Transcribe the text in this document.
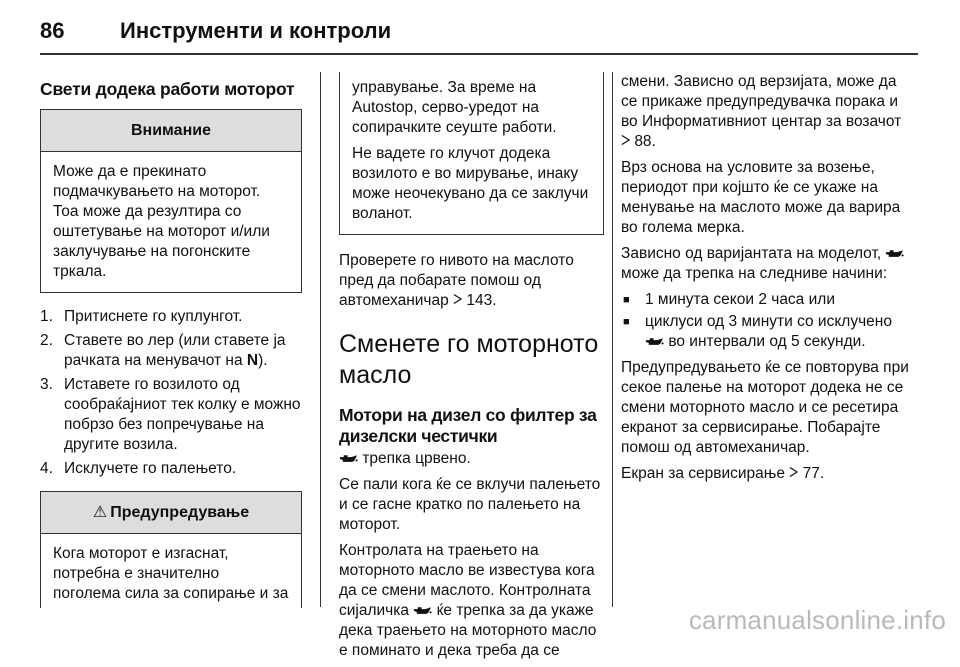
86	Инструменти и контроли
Свети додека работи моторот
Внимание

Може да е прекинато подмачкувањето на моторот. Тоа може да резултира со оштетување на моторот и/или заклучување на погонските тркала.

1. Притиснете го куплунгот.
2. Ставете во лер (или ставете ја рачката на менувачот на N).
3. Иставете го возилото од сообраќајниот тек колку е можно побрзо без попречување на другите возила.
4. Исклучете го палењето.
⚠ Предупредување

Кога моторот е изгаснат, потребна е значително поголема сила за сопирање и за

управување. За време на Autostop, серво-уредот на сопирачките сеуште работи.

Не вадете го клучот додека возилото е во мирување, инаку може неочекувано да се заклучи воланот.

Проверете го нивото на маслото пред да побарате помош од автомеханичар  143.

Сменете го моторното масло
Мотори на дизел со филтер за дизелски честички

трепка црвено.

Се пали кога ќе се вклучи палењето и се гасне кратко по палењето на моторот.

Контролата на траењето на моторното масло ве известува кога да се смени маслото. Контролната сијаличка ќе трепка за да укаже дека траењето на моторното масло е поминато и дека треба да се

смени. Зависно од верзијата, може да се прикаже предупредувачка порака и во Информативниот центар за возачот  88.

Врз основа на условите за возење, периодот при којшто ќе се укаже на менување на маслото може да варира во голема мерка.

Зависно од варијантата на моделот,  може да трепка на следниве начини:

■ 1 минута секои 2 часа или
■ циклуси од 3 минути со исклучено  во интервали од 5 секунди.

Предупредувањето ќе се повторува при секое палење на моторот додека не се смени моторното масло и се ресетира екранот за сервисирање. Побарајте помош од автомеханичар.

Екран за сервисирање  77.

carmanualsonline.info
